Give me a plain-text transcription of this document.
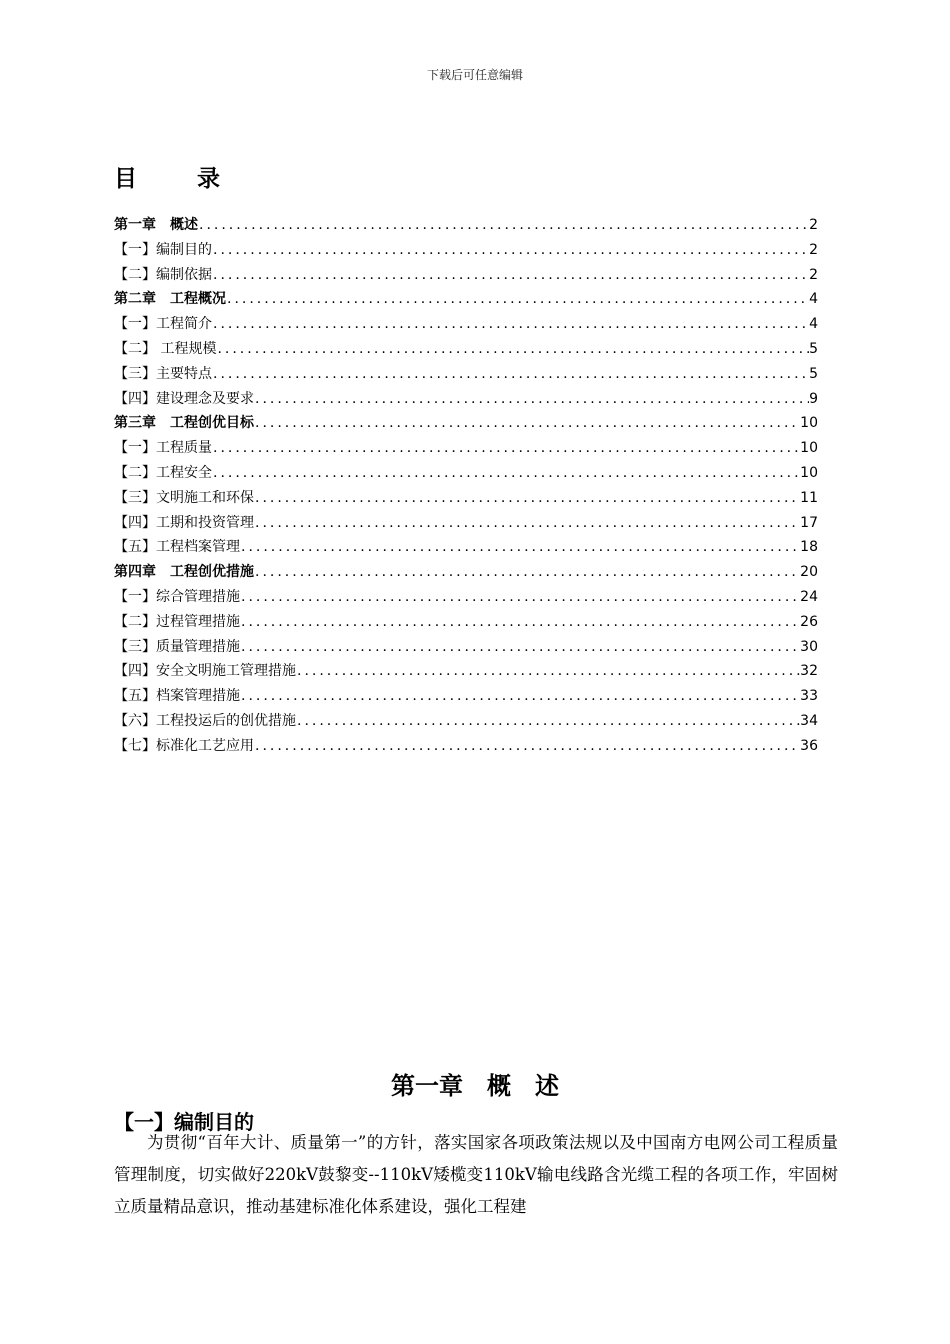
下载后可任意编辑
目	录
第一章　概述 .....	2
【一】编制目的 .....	2
【二】编制依据 .....	2
第二章　工程概况 .....	4
【一】工程简介 .....	4
【二】 工程规模 .....	5
【三】主要特点 .....	5
【四】建设理念及要求 .....	9
第三章　工程创优目标 .....	10
【一】工程质量 .....	10
【二】工程安全 .....	10
【三】文明施工和环保 .....	11
【四】工期和投资管理 .....	17
【五】工程档案管理 .....	18
第四章　工程创优措施 .....	20
【一】综合管理措施 .....	24
【二】过程管理措施 .....	26
【三】质量管理措施 .....	30
【四】安全文明施工管理措施 .....	32
【五】档案管理措施 .....	33
【六】工程投运后的创优措施 .....	34
【七】标准化工艺应用 .....	36
第一章　概　述
【一】编制目的
为贯彻“百年大计、质量第一”的方针，落实国家各项政策法规以及中国南方电网公司工程质量管理制度，切实做好220kV鼓黎变--110kV矮榄变110kV输电线路含光缆工程的各项工作，牢固树立质量精品意识，推动基建标准化体系建设，强化工程建
